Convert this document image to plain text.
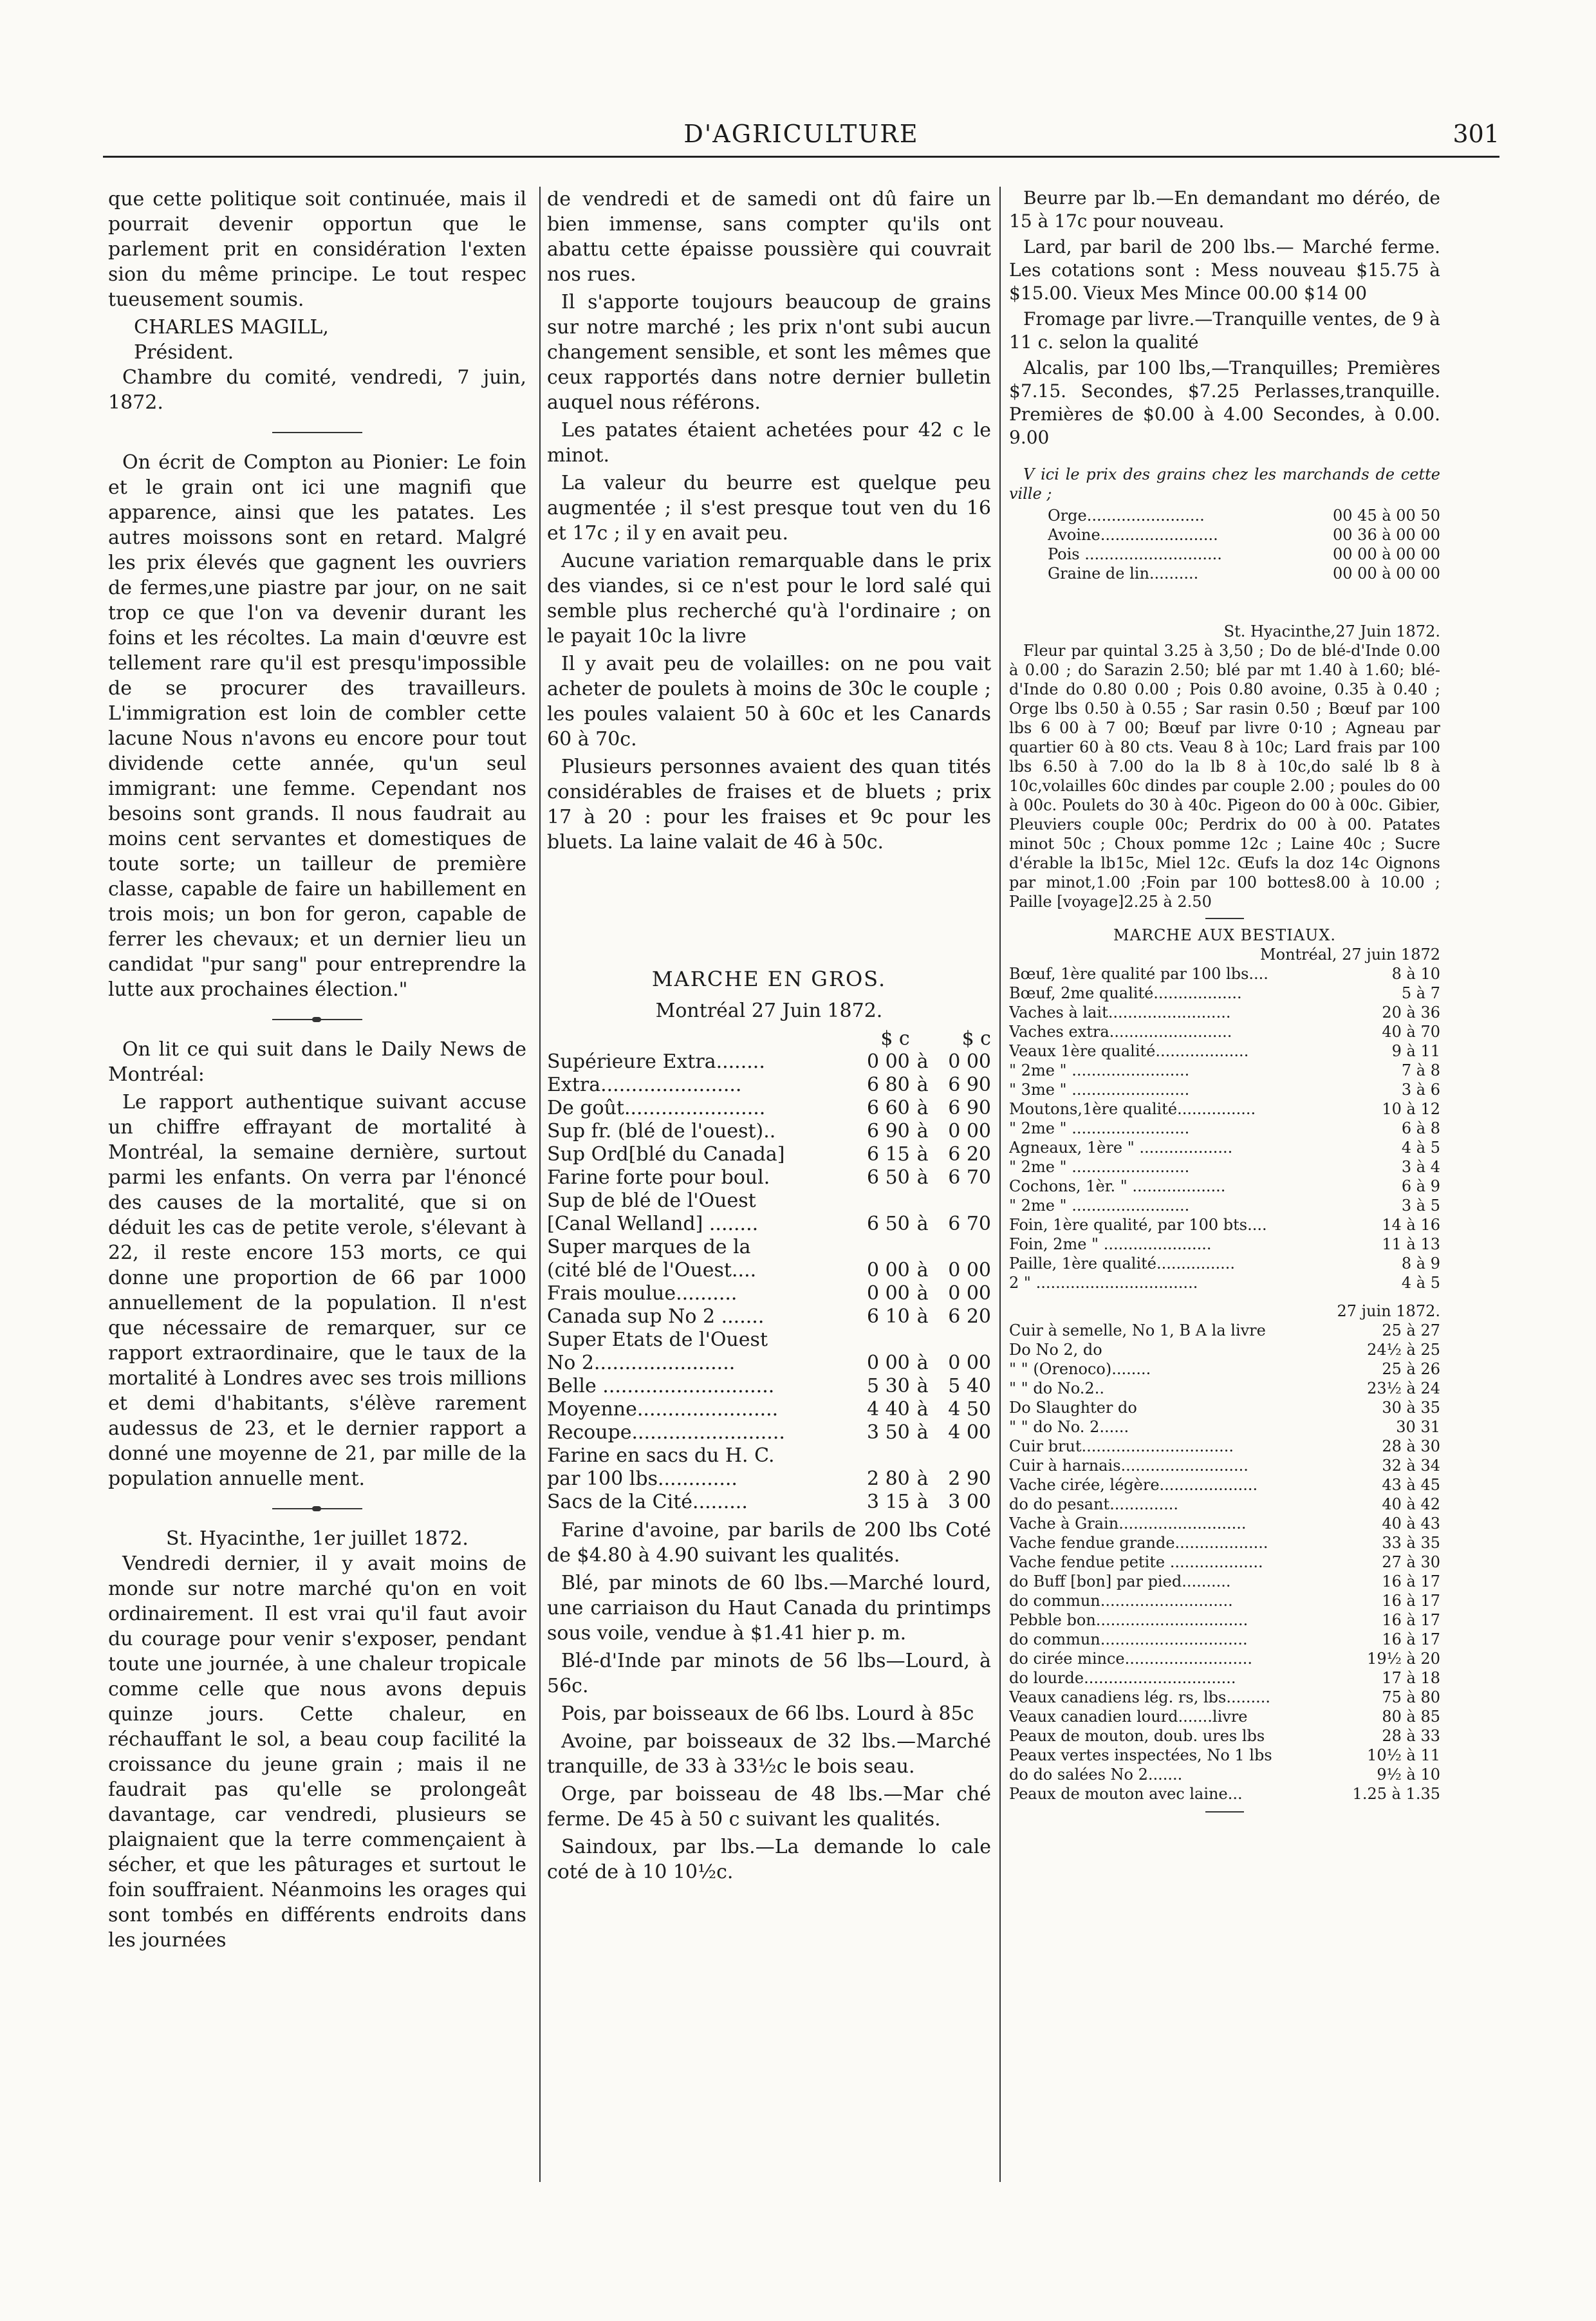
D'AGRICULTURE	301

que cette politique soit continuée, mais il pourrait devenir opportun que le parlement prit en considération l'exten sion du même principe. Le tout respec tueusement soumis.

CHARLES MAGILL,
Président.

Chambre du comité, vendredi, 7 juin, 1872.

On écrit de Compton au Pionier: Le foin et le grain ont ici une magnifi que apparence, ainsi que les patates. Les autres moissons sont en retard. Malgré les prix élevés que gagnent les ouvriers de fermes,une piastre par jour, on ne sait trop ce que l'on va devenir durant les foins et les récoltes. La main d'œuvre est tellement rare qu'il est presqu'impossible de se procurer des travailleurs. L'immigration est loin de combler cette lacune Nous n'avons eu encore pour tout dividende cette année, qu'un seul immigrant: une femme. Cependant nos besoins sont grands. Il nous faudrait au moins cent servantes et domestiques de toute sorte; un tailleur de première classe, capable de faire un habillement en trois mois; un bon for geron, capable de ferrer les chevaux; et un dernier lieu un candidat "pur sang" pour entreprendre la lutte aux prochaines élection."

On lit ce qui suit dans le Daily News de Montréal:

Le rapport authentique suivant accuse un chiffre effrayant de mortalité à Montréal, la semaine dernière, surtout parmi les enfants. On verra par l'énoncé des causes de la mortalité, que si on déduit les cas de petite verole, s'élevant à 22, il reste encore 153 morts, ce qui donne une proportion de 66 par 1000 annuellement de la population. Il n'est que nécessaire de remarquer, sur ce rapport extraordinaire, que le taux de la mortalité à Londres avec ses trois millions et demi d'habitants, s'élève rarement audessus de 23, et le dernier rapport a donné une moyenne de 21, par mille de la population annuelle ment.

St. Hyacinthe, 1er juillet 1872.

Vendredi dernier, il y avait moins de monde sur notre marché qu'on en voit ordinairement. Il est vrai qu'il faut avoir du courage pour venir s'exposer, pendant toute une journée, à une chaleur tropicale comme celle que nous avons depuis quinze jours. Cette chaleur, en réchauffant le sol, a beau coup facilité la croissance du jeune grain ; mais il ne faudrait pas qu'elle se prolongeât davantage, car vendredi, plusieurs se plaignaient que la terre commençaient à sécher, et que les pâturages et surtout le foin souffraient. Néanmoins les orages qui sont tombés en différents endroits dans les journées

de vendredi et de samedi ont dû faire un bien immense, sans compter qu'ils ont abattu cette épaisse poussière qui couvrait nos rues.

Il s'apporte toujours beaucoup de grains sur notre marché ; les prix n'ont subi aucun changement sensible, et sont les mêmes que ceux rapportés dans notre dernier bulletin auquel nous référons.

Les patates étaient achetées pour 42 c le minot.

La valeur du beurre est quelque peu augmentée ; il s'est presque tout ven du 16 et 17c ; il y en avait peu.

Aucune variation remarquable dans le prix des viandes, si ce n'est pour le lord salé qui semble plus recherché qu'à l'ordinaire ; on le payait 10c la livre

Il y avait peu de volailles: on ne pou vait acheter de poulets à moins de 30c le couple ; les poules valaient 50 à 60c et les Canards 60 à 70c.

Plusieurs personnes avaient des quan tités considérables de fraises et de bluets ; prix 17 à 20 : pour les fraises et 9c pour les bluets. La laine valait de 46 à 50c.

MARCHE EN GROS.
Montréal 27 Juin 1872.
	$ c		$ c
Supérieure Extra........	0 00	à	0 00
Extra.......................	6 80	à	6 90
De goût.......................	6 60	à	6 90
Sup fr. (blé de l'ouest)..	6 90	à	0 00
Sup Ord[blé du Canada]	6 15	à	6 20
Farine forte pour boul.	6 50	à	6 70
Sup de blé de l'Ouest			
[Canal Welland] ........	6 50	à	6 70
Super marques de la			
(cité blé de l'Ouest....	0 00	à	0 00
Frais moulue..........	0 00	à	0 00
Canada sup No 2 .......	6 10	à	6 20
Super Etats de l'Ouest			
No 2.......................	0 00	à	0 00
Belle ............................	5 30	à	5 40
Moyenne.......................	4 40	à	4 50
Recoupe.........................	3 50	à	4 00
Farine en sacs du H. C.			
par 100 lbs.............	2 80	à	2 90
Sacs de la Cité.........	3 15	à	3 00

Farine d'avoine, par barils de 200 lbs Coté de $4.80 à 4.90 suivant les qualités.

Blé, par minots de 60 lbs.—Marché lourd, une carriaison du Haut Canada du printimps sous voile, vendue à $1.41 hier p. m.

Blé-d'Inde par minots de 56 lbs—Lourd, à 56c.

Pois, par boisseaux de 66 lbs. Lourd à 85c

Avoine, par boisseaux de 32 lbs.—Marché tranquille, de 33 à 33½c le bois seau.

Orge, par boisseau de 48 lbs.—Mar ché ferme. De 45 à 50 c suivant les qualités.

Saindoux, par lbs.—La demande lo cale coté de à 10 10½c.

Beurre par lb.—En demandant mo déréo, de 15 à 17c pour nouveau.

Lard, par baril de 200 lbs.— Marché ferme. Les cotations sont : Mess nouveau $15.75 à $15.00. Vieux Mes Mince 00.00 $14 00

Fromage par livre.—Tranquille ventes, de 9 à 11 c. selon la qualité

Alcalis, par 100 lbs,—Tranquilles; Premières $7.15. Secondes, $7.25 Perlasses,tranquille. Premières de $0.00 à 4.00 Secondes, à 0.00. 9.00

V ici le prix des grains chez les marchands de cette ville ;

Orge........................	00 45 à 00 50
Avoine........................	00 36 à 00 00
Pois ............................	00 00 à 00 00
Graine de lin..........	00 00 à 00 00
St. Hyacinthe,27 Juin 1872.

Fleur par quintal 3.25 à 3,50 ; Do de blé-d'Inde 0.00 à 0.00 ; do Sarazin 2.50; blé par mt 1.40 à 1.60; blé-d'Inde do 0.80 0.00 ; Pois 0.80 avoine, 0.35 à 0.40 ; Orge lbs 0.50 à 0.55 ; Sar rasin 0.50 ; Bœuf par 100 lbs 6 00 à 7 00; Bœuf par livre 0·10 ; Agneau par quartier 60 à 80 cts. Veau 8 à 10c; Lard frais par 100 lbs 6.50 à 7.00 do la lb 8 à 10c,do salé lb 8 à 10c,volailles 60c dindes par couple 2.00 ; poules do 00 à 00c. Poulets do 30 à 40c. Pigeon do 00 à 00c. Gibier, Pleuviers couple 00c; Perdrix do 00 à 00. Patates minot 50c ; Choux pomme 12c ; Laine 40c ; Sucre d'érable la lb15c, Miel 12c. Œufs la doz 14c Oignons par minot,1.00 ;Foin par 100 bottes8.00 à 10.00 ; Paille [voyage]2.25 à 2.50

MARCHE AUX BESTIAUX.
Montréal, 27 juin 1872
Bœuf, 1ère qualité par 100 lbs....	8 à 10
Bœuf, 2me qualité..................	5 à 7
Vaches à lait.........................	20 à 36
Vaches extra.........................	40 à 70
Veaux 1ère qualité...................	9 à 11
" 2me " ........................	7 à 8
" 3me " ........................	3 à 6
Moutons,1ère qualité................	10 à 12
" 2me " ........................	6 à 8
Agneaux, 1ère " ...................	4 à 5
" 2me " ........................	3 à 4
Cochons, 1èr. " ...................	6 à 9
" 2me " ........................	3 à 5
Foin, 1ère qualité, par 100 bts....	14 à 16
Foin, 2me " ......................	11 à 13
Paille, 1ère qualité................	8 à 9
2 " .................................	4 à 5
27 juin 1872.
Cuir à semelle, No 1, B A la livre	25 à 27
Do No 2, do	24½ à 25
" " (Orenoco)........	25 à 26
" " do No.2..	23½ à 24
Do Slaughter do	30 à 35
" " do No. 2......	30 31
Cuir brut...............................	28 à 30
Cuir à harnais..........................	32 à 34
Vache cirée, légère....................	43 à 45
do do pesant..............	40 à 42
Vache à Grain..........................	40 à 43
Vache fendue grande...................	33 à 35
Vache fendue petite ...................	27 à 30
do Buff [bon] par pied..........	16 à 17
do commun...........................	16 à 17
Pebble bon...............................	16 à 17
do commun..............................	16 à 17
do cirée mince..........................	19½ à 20
do lourde...............................	17 à 18
Veaux canadiens lég. rs, lbs.........	75 à 80
Veaux canadien lourd.......livre	80 à 85
Peaux de mouton, doub. ures lbs	28 à 33
Peaux vertes inspectées, No 1 lbs	10½ à 11
do do salées No 2.......	9½ à 10
Peaux de mouton avec laine...	1.25 à 1.35
